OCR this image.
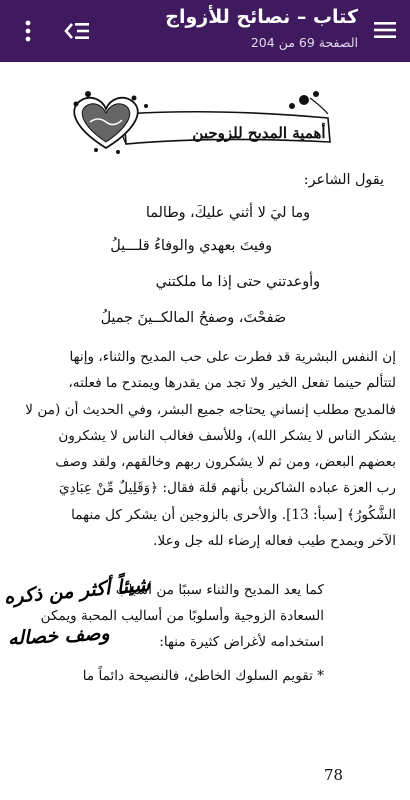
كتاب – نصائح للأزواج
الصفحة 69 من 204
أهمية المديح للزوجين
يقول الشاعر:
وما ليَ لا أثني عليكَ، وطالما
وفيتَ بعهدي والوفاءُ قلـــيلُ
وأوعدتني حتى إذا ما ملكتني
صَفحْتَ، وصفحُ المالكــينَ جميلُ
إن النفس البشرية قد فطرت على حب المديح والثناء، وإنها
لتتألم حينما تفعل الخير ولا تجد من يقدرها ويمتدح ما فعلته،
فالمديح مطلب إنساني يحتاجه جميع البشر، وفي الحديث أن (من لا
يشكر الناس لا يشكر الله)، وللأسف فغالب الناس لا يشكرون
بعضهم البعض، ومن ثم لا يشكرون ربهم وخالقهم، ولقد وصف
رب العزة عباده الشاكرين بأنهم قلة فقال: ﴿وَقَلِيلٌ مِّنْ عِبَادِيَ
الشَّكُورُ﴾ [سبأ: 13]. والأحرى بالزوجين أن يشكر كل منهما
الآخر ويمدح طيب فعاله إرضاء لله جل وعلا.
كما يعد المديح والثناء سببًا من أسباب
السعادة الزوجية وأسلوبًا من أساليب المحبة ويمكن
استخدامه لأغراض كثيرة منها:
* تقويم السلوك الخاطئ، فالنصيحة دائماً ما
شيئاً أكثر من ذكره
وصف خصاله
78
